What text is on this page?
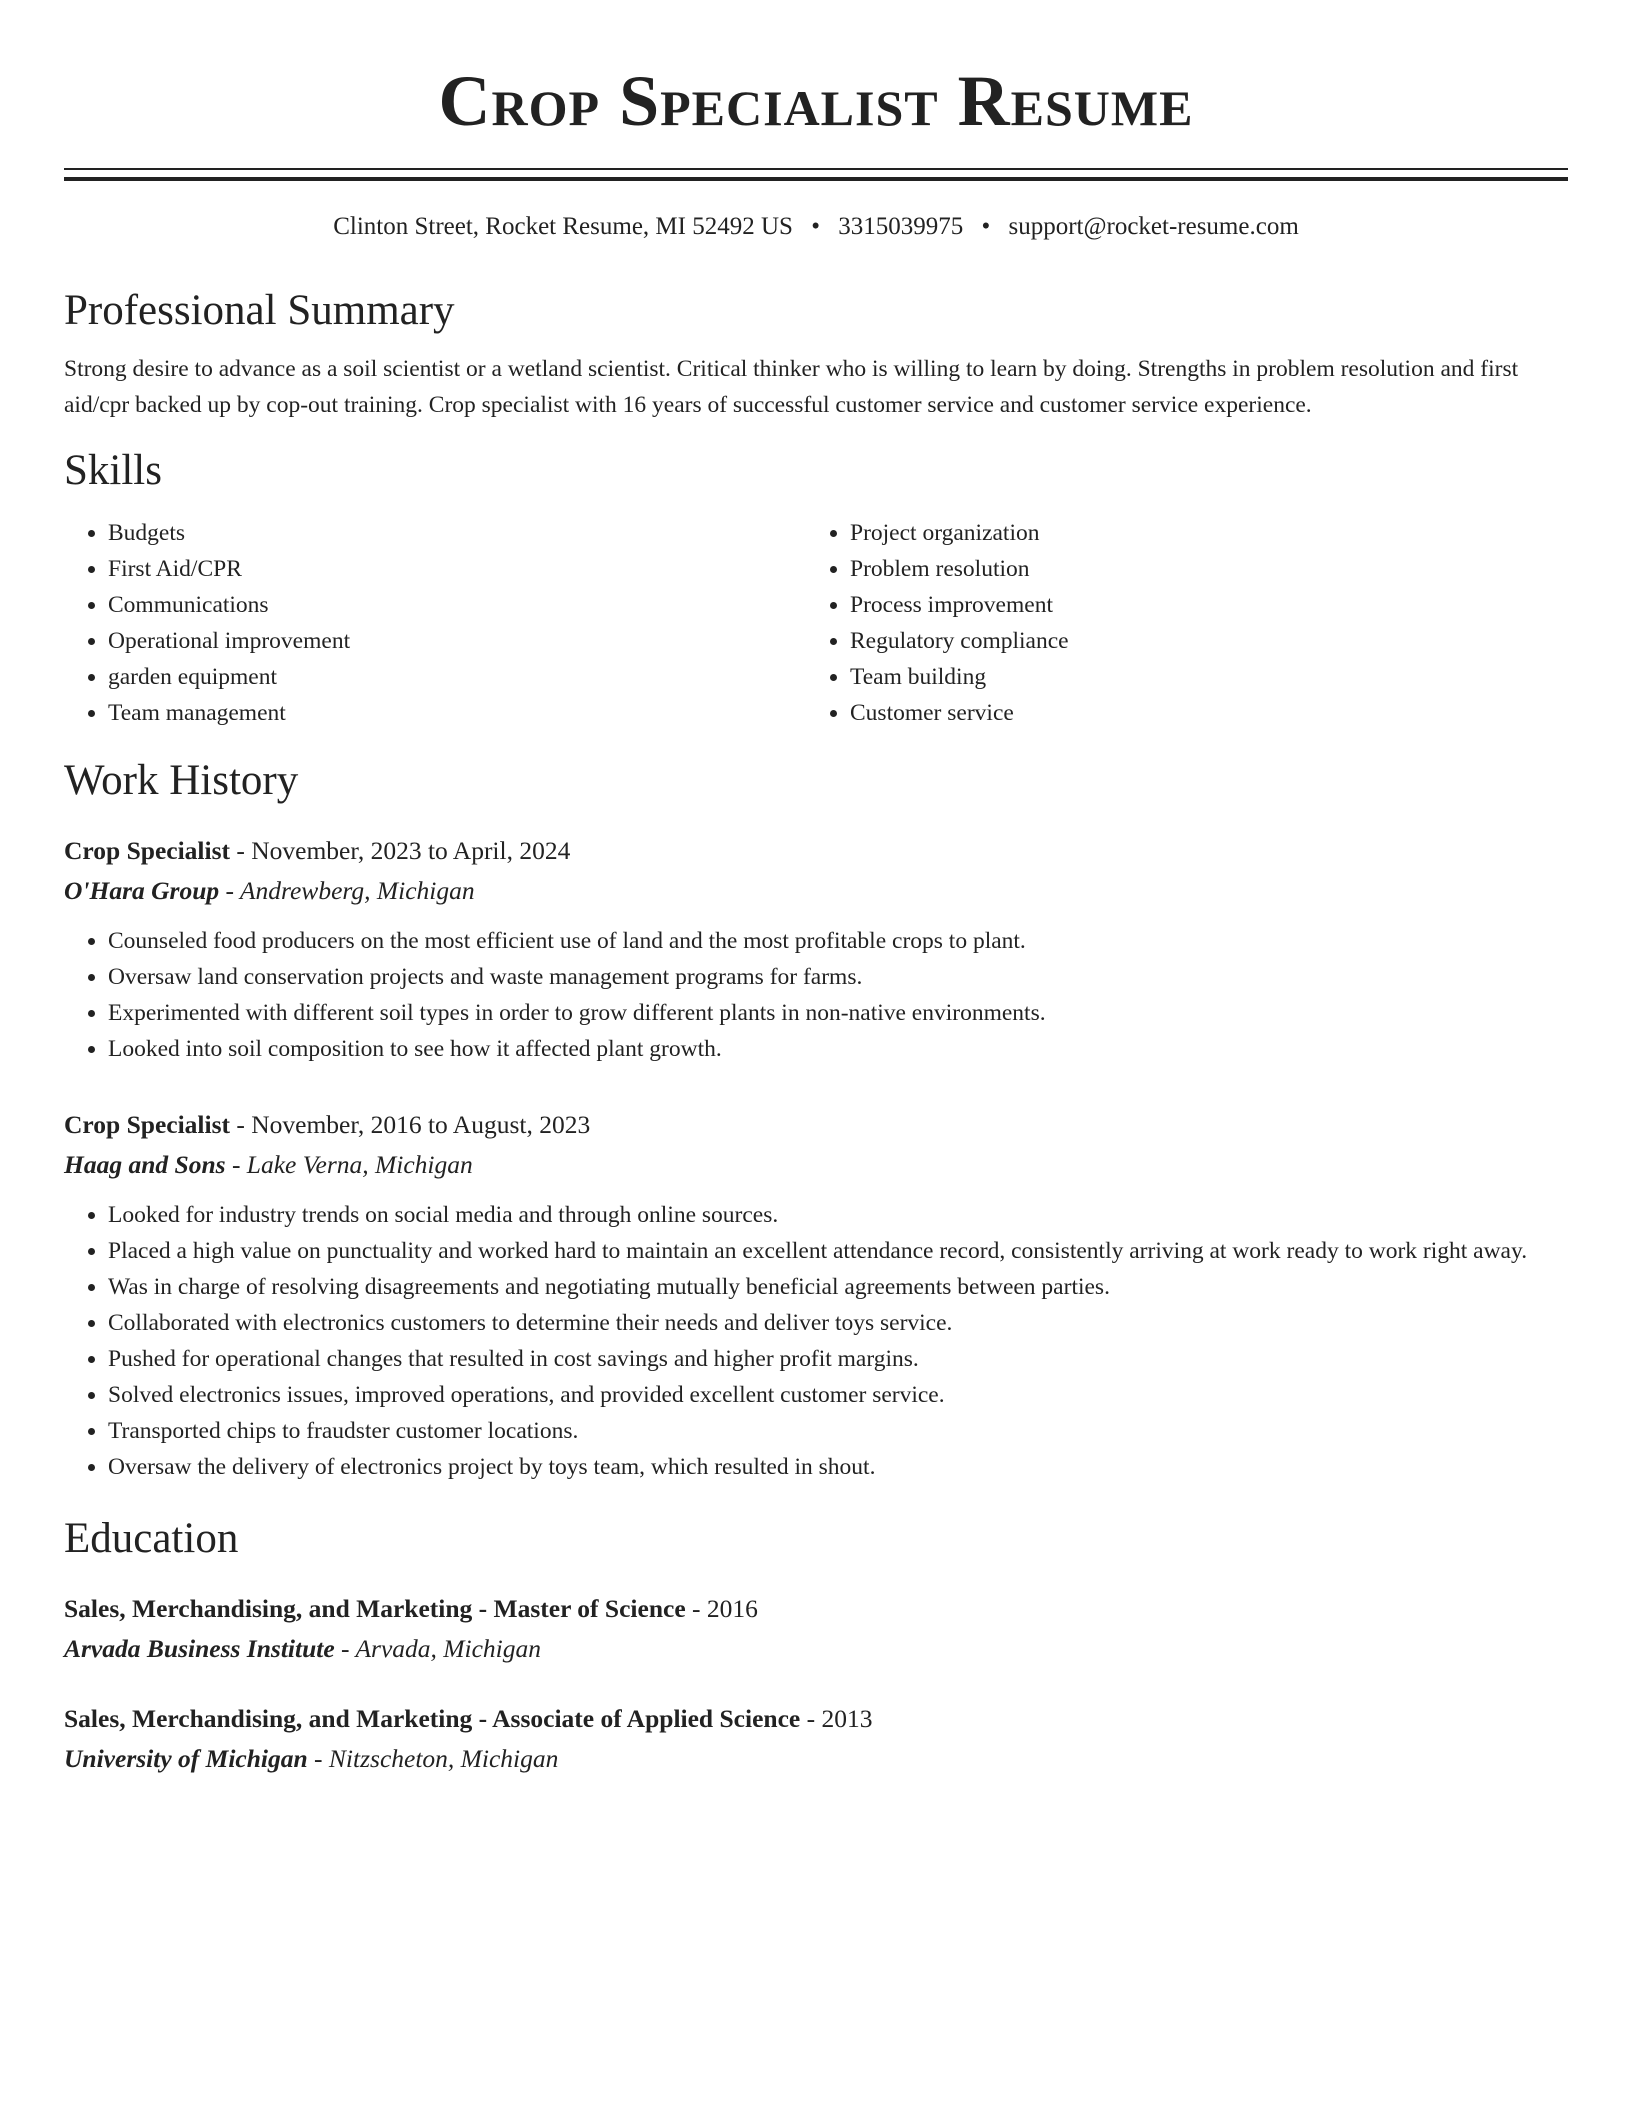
Crop Specialist Resume
Clinton Street, Rocket Resume, MI 52492 US • 3315039975 • support@rocket-resume.com
Professional Summary

Strong desire to advance as a soil scientist or a wetland scientist. Critical thinker who is willing to learn by doing. Strengths in problem resolution and first aid/cpr backed up by cop-out training. Crop specialist with 16 years of successful customer service and customer service experience.

Skills
• Budgets
• First Aid/CPR
• Communications
• Operational improvement
• garden equipment
• Team management
• Project organization
• Problem resolution
• Process improvement
• Regulatory compliance
• Team building
• Customer service
Work History
Crop Specialist - November, 2023 to April, 2024
O'Hara Group - Andrewberg, Michigan
• Counseled food producers on the most efficient use of land and the most profitable crops to plant.
• Oversaw land conservation projects and waste management programs for farms.
• Experimented with different soil types in order to grow different plants in non-native environments.
• Looked into soil composition to see how it affected plant growth.
Crop Specialist - November, 2016 to August, 2023
Haag and Sons - Lake Verna, Michigan
• Looked for industry trends on social media and through online sources.
• Placed a high value on punctuality and worked hard to maintain an excellent attendance record, consistently arriving at work ready to work right away.
• Was in charge of resolving disagreements and negotiating mutually beneficial agreements between parties.
• Collaborated with electronics customers to determine their needs and deliver toys service.
• Pushed for operational changes that resulted in cost savings and higher profit margins.
• Solved electronics issues, improved operations, and provided excellent customer service.
• Transported chips to fraudster customer locations.
• Oversaw the delivery of electronics project by toys team, which resulted in shout.
Education
Sales, Merchandising, and Marketing - Master of Science - 2016
Arvada Business Institute - Arvada, Michigan
Sales, Merchandising, and Marketing - Associate of Applied Science - 2013
University of Michigan - Nitzscheton, Michigan
